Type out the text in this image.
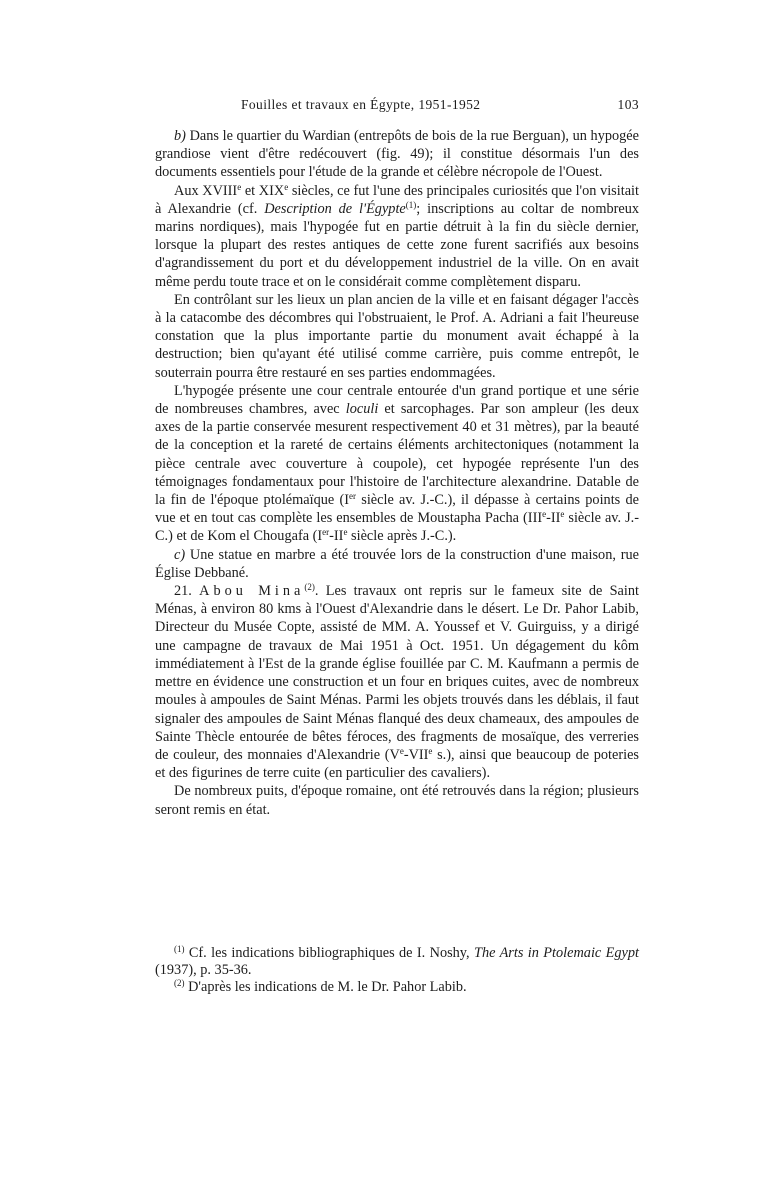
Fouilles et travaux en Égypte, 1951-1952	103

b) Dans le quartier du Wardian (entrepôts de bois de la rue Berguan), un hypogée grandiose vient d'être redécouvert (fig. 49); il constitue désormais l'un des documents essentiels pour l'étude de la grande et célèbre nécropole de l'Ouest.

Aux XVIIIe et XIXe siècles, ce fut l'une des principales curiosités que l'on visitait à Alexandrie (cf. Description de l'Égypte$^{(1)}$; inscriptions au coltar de nombreux marins nordiques), mais l'hypogée fut en partie détruit à la fin du siècle dernier, lorsque la plupart des restes antiques de cette zone furent sacrifiés aux besoins d'agrandissement du port et du développement industriel de la ville. On en avait même perdu toute trace et on le considérait comme complètement disparu.

En contrôlant sur les lieux un plan ancien de la ville et en faisant dégager l'accès à la catacombe des décombres qui l'obstruaient, le Prof. A. Adriani a fait l'heureuse constation que la plus importante partie du monument avait échappé à la destruction; bien qu'ayant été utilisé comme carrière, puis comme entrepôt, le souterrain pourra être restauré en ses parties endommagées.

L'hypogée présente une cour centrale entourée d'un grand portique et une série de nombreuses chambres, avec loculi et sarcophages. Par son ampleur (les deux axes de la partie conservée mesurent respectivement 40 et 31 mètres), par la beauté de la conception et la rareté de certains éléments architectoniques (notamment la pièce centrale avec couverture à coupole), cet hypogée représente l'un des témoignages fondamentaux pour l'histoire de l'architecture alexandrine. Datable de la fin de l'époque ptolémaïque (Ier siècle av. J.-C.), il dépasse à certains points de vue et en tout cas complète les ensembles de Moustapha Pacha (IIIe-IIe siècle av. J.-C.) et de Kom el Chougafa (Ier-IIe siècle après J.-C.).

c) Une statue en marbre a été trouvée lors de la construction d'une maison, rue Église Debbané.

21. Abou Mina$^{(2)}$. Les travaux ont repris sur le fameux site de Saint Ménas, à environ 80 kms à l'Ouest d'Alexandrie dans le désert. Le Dr. Pahor Labib, Directeur du Musée Copte, assisté de MM. A. Youssef et V. Guirguiss, y a dirigé une campagne de travaux de Mai 1951 à Oct. 1951. Un dégagement du kôm immédiatement à l'Est de la grande église fouillée par C. M. Kaufmann a permis de mettre en évidence une construction et un four en briques cuites, avec de nombreux moules à ampoules de Saint Ménas. Parmi les objets trouvés dans les déblais, il faut signaler des ampoules de Saint Ménas flanqué des deux chameaux, des ampoules de Sainte Thècle entourée de bêtes féroces, des fragments de mosaïque, des verreries de couleur, des monnaies d'Alexandrie (Ve-VIIe s.), ainsi que beaucoup de poteries et des figurines de terre cuite (en particulier des cavaliers).

De nombreux puits, d'époque romaine, ont été retrouvés dans la région; plusieurs seront remis en état.

$^{(1)}$ Cf. les indications bibliographiques de I. Noshy, The Arts in Ptolemaic Egypt (1937), p. 35-36.

$^{(2)}$ D'après les indications de M. le Dr. Pahor Labib.
